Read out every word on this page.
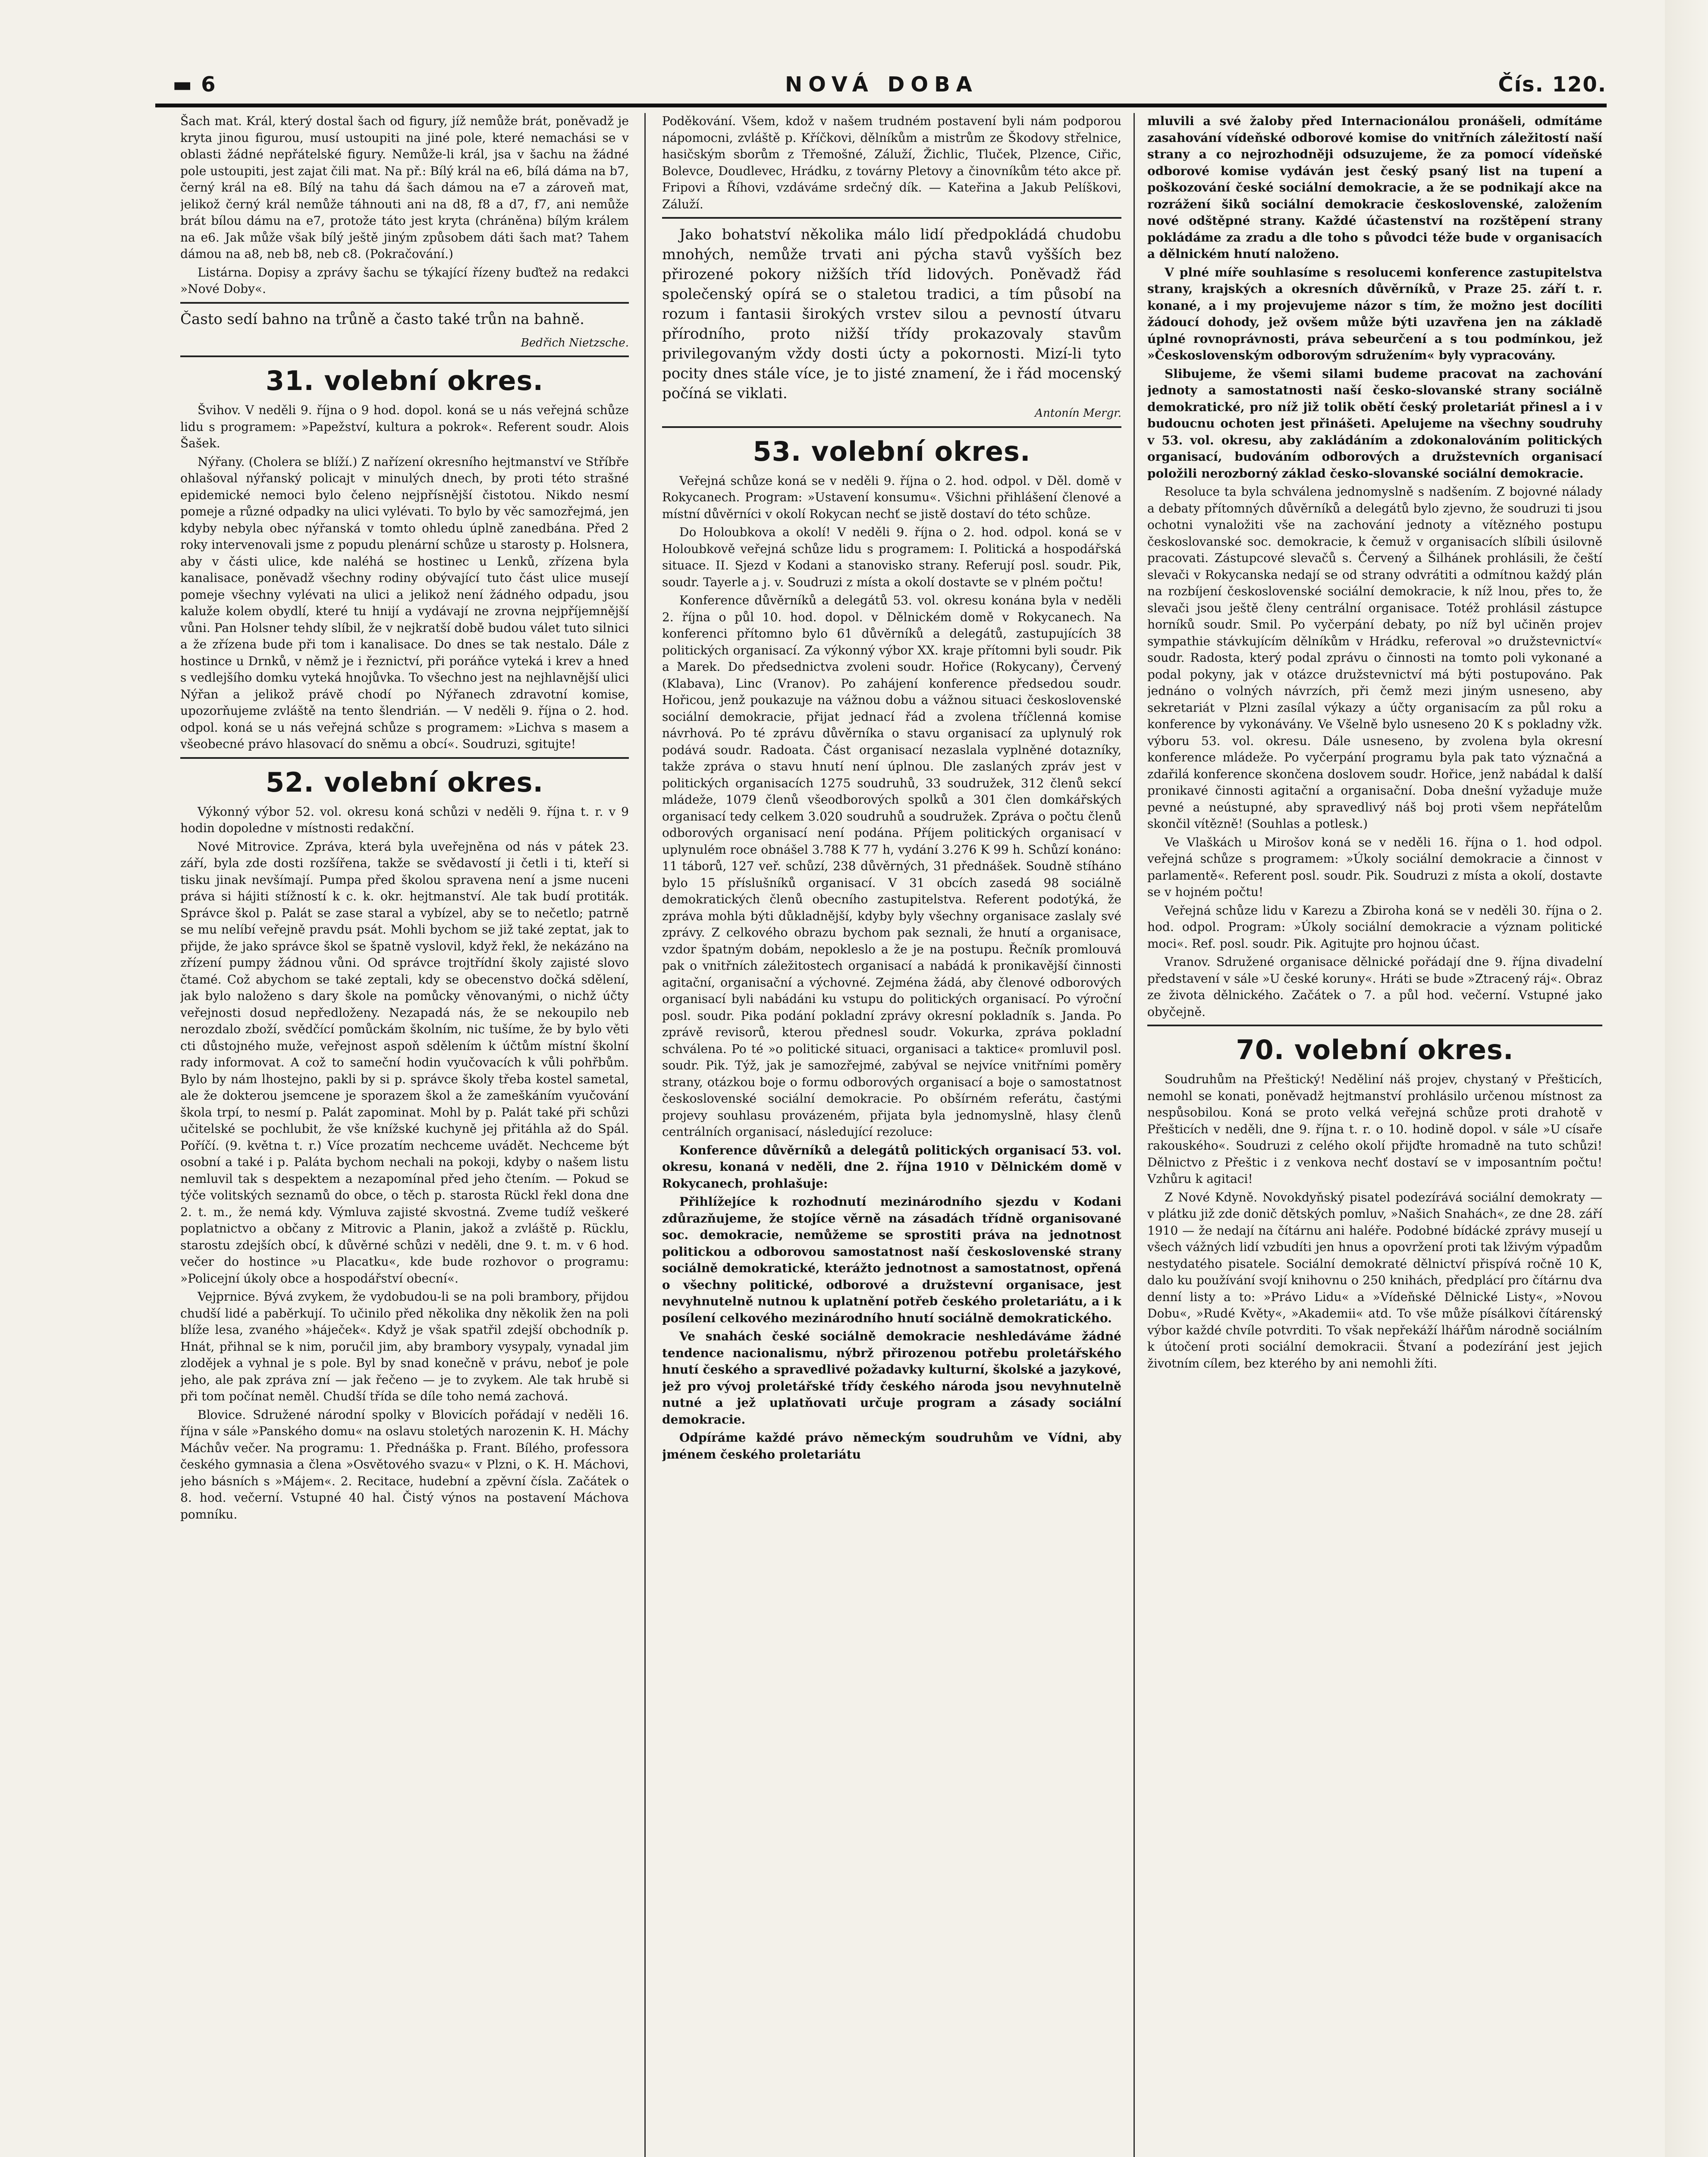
▬ 6	NOVÁ DOBA	Čís. 120.

Šach mat. Král, který dostal šach od figury, jíž nemůže brát, poněvadž je kryta jinou figurou, musí ustoupiti na jiné pole, které nemachási se v oblasti žádné nepřátelské figury. Nemůže-li král, jsa v šachu na žádné pole ustoupiti, jest zajat čili mat. Na př.: Bílý král na e6, bílá dáma na b7, černý král na e8. Bílý na tahu dá šach dámou na e7 a zároveň mat, jelikož černý král nemůže táhnouti ani na d8, f8 a d7, f7, ani nemůže brát bílou dámu na e7, protože táto jest kryta (chráněna) bílým králem na e6. Jak může však bílý ještě jiným způsobem dáti šach mat? Tahem dámou na a8, neb b8, neb c8. (Pokračování.)

Listárna. Dopisy a zprávy šachu se týkající řízeny buďtež na redakci »Nové Doby«.

Často sedí bahno na trůně a často také trůn na bahně.

Bedřich Nietzsche.

31. volební okres.

Švihov. V neděli 9. října o 9 hod. dopol. koná se u nás veřejná schůze lidu s programem: »Papežství, kultura a pokrok«. Referent soudr. Alois Šašek.

Nýřany. (Cholera se blíží.) Z nařízení okresního hejtmanství ve Stříbře ohlašoval nýřanský policajt v minulých dnech, by proti této strašné epidemické nemoci bylo čeleno nejpřísnější čistotou. Nikdo nesmí pomeje a různé odpadky na ulici vylévati. To bylo by věc samozřejmá, jen kdyby nebyla obec nýřanská v tomto ohledu úplně zanedbána. Před 2 roky intervenovali jsme z popudu plenární schůze u starosty p. Holsnera, aby v části ulice, kde naléhá se hostinec u Lenků, zřízena byla kanalisace, poněvadž všechny rodiny obývající tuto část ulice musejí pomeje všechny vylévati na ulici a jelikož není žádného odpadu, jsou kaluže kolem obydlí, které tu hnijí a vydávají ne zrovna nejpříjemnější vůni. Pan Holsner tehdy slíbil, že v nejkratší době budou válet tuto silnici a že zřízena bude při tom i kanalisace. Do dnes se tak nestalo. Dále z hostince u Drnků, v němž je i řeznictví, při poráňce vyteká i krev a hned s vedlejšího domku vyteká hnojůvka. To všechno jest na nejhlavnější ulici Nýřan a jelikož právě chodí po Nýřanech zdravotní komise, upozorňujeme zvláště na tento šlendrián. — V neděli 9. října o 2. hod. odpol. koná se u nás veřejná schůze s programem: »Lichva s masem a všeobecné právo hlasovací do sněmu a obcí«. Soudruzi, sgitujte!

52. volební okres.

Výkonný výbor 52. vol. okresu koná schůzi v neděli 9. října t. r. v 9 hodin dopoledne v místnosti redakční.

Nové Mitrovice. Zpráva, která byla uveřejněna od nás v pátek 23. září, byla zde dosti rozšířena, takže se svědavostí ji četli i ti, kteří si tisku jinak nevšímají. Pumpa před školou spravena není a jsme nuceni práva si hájiti stížností k c. k. okr. hejtmanství. Ale tak budí protiták. Správce škol p. Palát se zase staral a vybízel, aby se to nečetlo; patrně se mu nelíbí veřejně pravdu psát. Mohli bychom se již také zeptat, jak to přijde, že jako správce škol se špatně vyslovil, když řekl, že nekázáno na zřízení pumpy žádnou vůni. Od správce trojtřídní školy zajisté slovo čtamé. Což abychom se také zeptali, kdy se obecenstvo dočká sdělení, jak bylo naloženo s dary škole na pomůcky věnovanými, o nichž účty veřejnosti dosud nepředloženy. Nezapadá nás, že se nekoupilo neb nerozdalo zboží, svědčící pomůckám školním, nic tušíme, že by bylo věti cti důstojného muže, veřejnost aspoň sdělením k účtům místní školní rady informovat. A což to sameční hodin vyučovacích k vůli pohřbům. Bylo by nám lhostejno, pakli by si p. správce školy třeba kostel sametal, ale že dokterou jsemcene je sporazem škol a že zameškáním vyučování škola trpí, to nesmí p. Palát zapominat. Mohl by p. Palát také při schůzi učitelské se pochlubit, že vše knížské kuchyně jej přitáhla až do Spál. Poříčí. (9. května t. r.) Více prozatím nechceme uvádět. Nechceme být osobní a také i p. Paláta bychom nechali na pokoji, kdyby o našem listu nemluvil tak s despektem a nezapomínal před jeho čtením. — Pokud se týče volitských seznamů do obce, o těch p. starosta Rückl řekl dona dne 2. t. m., že nemá kdy. Výmluva zajisté skvostná. Zveme tudíž veškeré poplatnictvo a občany z Mitrovic a Planin, jakož a zvláště p. Rücklu, starostu zdejších obcí, k důvěrné schůzi v neděli, dne 9. t. m. v 6 hod. večer do hostince »u Placatku«, kde bude rozhovor o programu: »Policejní úkoly obce a hospodářství obecní«.

Vejprnice. Bývá zvykem, že vydobudou-li se na poli brambory, přijdou chudší lidé a paběrkují. To učinilo před několika dny několik žen na poli blíže lesa, zvaného »háječek«. Když je však spatřil zdejší obchodník p. Hnát, přihnal se k nim, poručil jim, aby brambory vysypaly, vynadal jim zlodějek a vyhnal je s pole. Byl by snad konečně v právu, neboť je pole jeho, ale pak zpráva zní — jak řečeno — je to zvykem. Ale tak hrubě si při tom počínat neměl. Chudší třída se díle toho nemá zachová.

Blovice. Sdružené národní spolky v Blovicích pořádají v neděli 16. října v sále »Panského domu« na oslavu stoletých narozenin K. H. Máchy Máchův večer. Na programu: 1. Přednáška p. Frant. Bílého, professora českého gymnasia a člena »Osvětového svazu« v Plzni, o K. H. Máchovi, jeho básních s »Májem«. 2. Recitace, hudební a zpěvní čísla. Začátek o 8. hod. večerní. Vstupné 40 hal. Čistý výnos na postavení Máchova pomníku.

Poděkování. Všem, kdož v našem trudném postavení byli nám podporou nápomocni, zvláště p. Kříčkovi, dělníkům a mistrům ze Škodovy střelnice, hasičským sborům z Třemošné, Záluží, Žichlic, Tluček, Plzence, Ciřic, Bolevce, Doudlevec, Hrádku, z továrny Pletovy a činovníkům této akce př. Fripovi a Říhovi, vzdáváme srdečný dík. — Kateřina a Jakub Pelíškovi, Záluží.

Jako bohatství několika málo lidí předpokládá chudobu mnohých, nemůže trvati ani pýcha stavů vyšších bez přirozené pokory nižších tříd lidových. Poněvadž řád společenský opírá se o staletou tradici, a tím působí na rozum i fantasii širokých vrstev silou a pevností útvaru přírodního, proto nižší třídy prokazovaly stavům privilegovaným vždy dosti úcty a pokornosti. Mizí-li tyto pocity dnes stále více, je to jisté znamení, že i řád mocenský počíná se viklati.

Antonín Mergr.

53. volební okres.

Veřejná schůze koná se v neděli 9. října o 2. hod. odpol. v Děl. domě v Rokycanech. Program: »Ustavení konsumu«. Všichni přihlášení členové a místní důvěrníci v okolí Rokycan nechť se jistě dostaví do této schůze.

Do Holoubkova a okolí! V neděli 9. října o 2. hod. odpol. koná se v Holoubkově veřejná schůze lidu s programem: I. Politická a hospodářská situace. II. Sjezd v Kodani a stanovisko strany. Referují posl. soudr. Pik, soudr. Tayerle a j. v. Soudruzi z místa a okolí dostavte se v plném počtu!

Konference důvěrníků a delegátů 53. vol. okresu konána byla v neděli 2. října o půl 10. hod. dopol. v Dělnickém domě v Rokycanech. Na konferenci přítomno bylo 61 důvěrníků a delegátů, zastupujících 38 politických organisací. Za výkonný výbor XX. kraje přítomni byli soudr. Pik a Marek. Do předsednictva zvoleni soudr. Hořice (Rokycany), Červený (Klabava), Linc (Vranov). Po zahájení konference předsedou soudr. Hořicou, jenž poukazuje na vážnou dobu a vážnou situaci československé sociální demokracie, přijat jednací řád a zvolena tříčlenná komise návrhová. Po té zprávu důvěrníka o stavu organisací za uplynulý rok podává soudr. Radoata. Část organisací nezaslala vyplněné dotazníky, takže zpráva o stavu hnutí není úplnou. Dle zaslaných zpráv jest v politických organisacích 1275 soudruhů, 33 soudružek, 312 členů sekcí mládeže, 1079 členů všeodborových spolků a 301 člen domkářských organisací tedy celkem 3.020 soudruhů a soudružek. Zpráva o počtu členů odborových organisací není podána. Příjem politických organisací v uplynulém roce obnášel 3.788 K 77 h, vydání 3.276 K 99 h. Schůzí konáno: 11 táborů, 127 veř. schůzí, 238 důvěrných, 31 přednášek. Soudně stíháno bylo 15 příslušníků organisací. V 31 obcích zasedá 98 sociálně demokratických členů obecního zastupitelstva. Referent podotýká, že zpráva mohla býti důkladnější, kdyby byly všechny organisace zaslaly své zprávy. Z celkového obrazu bychom pak seznali, že hnutí a organisace, vzdor špatným dobám, nepokleslo a že je na postupu. Řečník promlouvá pak o vnitřních záležitostech organisací a nabádá k pronikavější činnosti agitační, organisační a výchovné. Zejména žádá, aby členové odborových organisací byli nabádáni ku vstupu do politických organisací. Po výroční posl. soudr. Pika podání pokladní zprávy okresní pokladník s. Janda. Po zprávě revisorů, kterou přednesl soudr. Vokurka, zpráva pokladní schválena. Po té »o politické situaci, organisaci a taktice« promluvil posl. soudr. Pik. Týž, jak je samozřejmé, zabýval se nejvíce vnitřními poměry strany, otázkou boje o formu odborových organisací a boje o samostatnost československé sociální demokracie. Po obšírném referátu, častými projevy souhlasu provázeném, přijata byla jednomyslně, hlasy členů centrálních organisací, následující rezoluce:

Konference důvěrníků a delegátů politických organisací 53. vol. okresu, konaná v neděli, dne 2. října 1910 v Dělnickém domě v Rokycanech, prohlašuje:

Přihlížejíce k rozhodnutí mezinárodního sjezdu v Kodani zdůrazňujeme, že stojíce věrně na zásadách třídně organisované soc. demokracie, nemůžeme se sprostiti práva na jednotnost politickou a odborovou samostatnost naší československé strany sociálně demokratické, kterážto jednotnost a samostatnost, opřená o všechny politické, odborové a družstevní organisace, jest nevyhnutelně nutnou k uplatnění potřeb českého proletariátu, a i k posílení celkového mezinárodního hnutí sociálně demokratického.

Ve snahách české sociálně demokracie neshledáváme žádné tendence nacionalismu, nýbrž přirozenou potřebu proletářského hnutí českého a spravedlivé požadavky kulturní, školské a jazykové, jež pro vývoj proletářské třídy českého národa jsou nevyhnutelně nutné a jež uplatňovati určuje program a zásady sociální demokracie.

Odpíráme každé právo německým soudruhům ve Vídni, aby jménem českého proletariátu

mluvili a své žaloby před Internacionálou pronášeli, odmítáme zasahování vídeňské odborové komise do vnitřních záležitostí naší strany a co nejrozhodněji odsuzujeme, že za pomocí vídeňské odborové komise vydáván jest český psaný list na tupení a poškozování české sociální demokracie, a že se podnikají akce na rozrážení šiků sociální demokracie československé, založením nové odštěpné strany. Každé účastenství na rozštěpení strany pokládáme za zradu a dle toho s původci téže bude v organisacích a dělnickém hnutí naloženo.

V plné míře souhlasíme s resolucemi konference zastupitelstva strany, krajských a okresních důvěrníků, v Praze 25. září t. r. konané, a i my projevujeme názor s tím, že možno jest docíliti žádoucí dohody, jež ovšem může býti uzavřena jen na základě úplné rovnoprávnosti, práva sebeurčení a s tou podmínkou, jež »Československým odborovým sdružením« byly vypracovány.

Slibujeme, že všemi silami budeme pracovat na zachování jednoty a samostatnosti naší česko-slovanské strany sociálně demokratické, pro níž již tolik obětí český proletariát přinesl a i v budoucnu ochoten jest přinášeti. Apelujeme na všechny soudruhy v 53. vol. okresu, aby zakládáním a zdokonalováním politických organisací, budováním odborových a družstevních organisací položili nerozborný základ česko-slovanské sociální demokracie.

Resoluce ta byla schválena jednomyslně s nadšením. Z bojovné nálady a debaty přítomných důvěrníků a delegátů bylo zjevno, že soudruzi ti jsou ochotni vynaložiti vše na zachování jednoty a vítězného postupu českoslovanské soc. demokracie, k čemuž v organisacích slíbili úsilovně pracovati. Zástupcové slevačů s. Červený a Šilhánek prohlásili, že čeští slevači v Rokycanska nedají se od strany odvrátiti a odmítnou každý plán na rozbíjení československé sociální demokracie, k níž lnou, přes to, že slevači jsou ještě členy centrální organisace. Totéž prohlásil zástupce horníků soudr. Smil. Po vyčerpání debaty, po níž byl učiněn projev sympathie stávkujícím dělníkům v Hrádku, referoval »o družstevnictví« soudr. Radosta, který podal zprávu o činnosti na tomto poli vykonané a podal pokyny, jak v otázce družstevnictví má býti postupováno. Pak jednáno o volných návrzích, při čemž mezi jiným usneseno, aby sekretariát v Plzni zasílal výkazy a účty organisacím za půl roku a konference by vykonávány. Ve Všelně bylo usneseno 20 K s pokladny vžk. výboru 53. vol. okresu. Dále usneseno, by zvolena byla okresní konference mládeže. Po vyčerpání programu byla pak tato význačná a zdařilá konference skončena doslovem soudr. Hořice, jenž nabádal k další pronikavé činnosti agitační a organisační. Doba dnešní vyžaduje muže pevné a neústupné, aby spravedlivý náš boj proti všem nepřátelům skončil vítězně! (Souhlas a potlesk.)

Ve Vlaškách u Mirošov koná se v neděli 16. října o 1. hod odpol. veřejná schůze s programem: »Úkoly sociální demokracie a činnost v parlamentě«. Referent posl. soudr. Pik. Soudruzi z místa a okolí, dostavte se v hojném počtu!

Veřejná schůze lidu v Karezu a Zbiroha koná se v neděli 30. října o 2. hod. odpol. Program: »Úkoly sociální demokracie a význam politické moci«. Ref. posl. soudr. Pik. Agitujte pro hojnou účast.

Vranov. Sdružené organisace dělnické pořádají dne 9. října divadelní představení v sále »U české koruny«. Hráti se bude »Ztracený ráj«. Obraz ze života dělnického. Začátek o 7. a půl hod. večerní. Vstupné jako obyčejně.

70. volební okres.

Soudruhům na Přeštický! Neděliní náš projev, chystaný v Přešticích, nemohl se konati, poněvadž hejtmanství prohlásilo určenou místnost za nespůsobilou. Koná se proto velká veřejná schůze proti drahotě v Přešticích v neděli, dne 9. října t. r. o 10. hodině dopol. v sále »U císaře rakouského«. Soudruzi z celého okolí přijďte hromadně na tuto schůzi! Dělnictvo z Přeštic i z venkova nechť dostaví se v imposantním počtu! Vzhůru k agitaci!

Z Nové Kdyně. Novokdyňský pisatel podezírává sociální demokraty — v plátku již zde donič dětských pomluv, »Našich Snahách«, ze dne 28. září 1910 — že nedají na čítárnu ani haléře. Podobné bídácké zprávy musejí u všech vážných lidí vzbudíti jen hnus a opovržení proti tak lživým výpadům nestydatého pisatele. Sociální demokraté dělnictví přispívá ročně 10 K, dalo ku používání svojí knihovnu o 250 knihách, předplácí pro čítárnu dva denní listy a to: »Právo Lidu« a »Vídeňské Dělnické Listy«, »Novou Dobu«, »Rudé Květy«, »Akademii« atd. To vše může písálkovi čítárenský výbor každé chvíle potvrditi. To však nepřekáží lhářům národně sociálním k útočení proti sociální demokracii. Štvaní a podezírání jest jejich životním cílem, bez kterého by ani nemohli žíti.
